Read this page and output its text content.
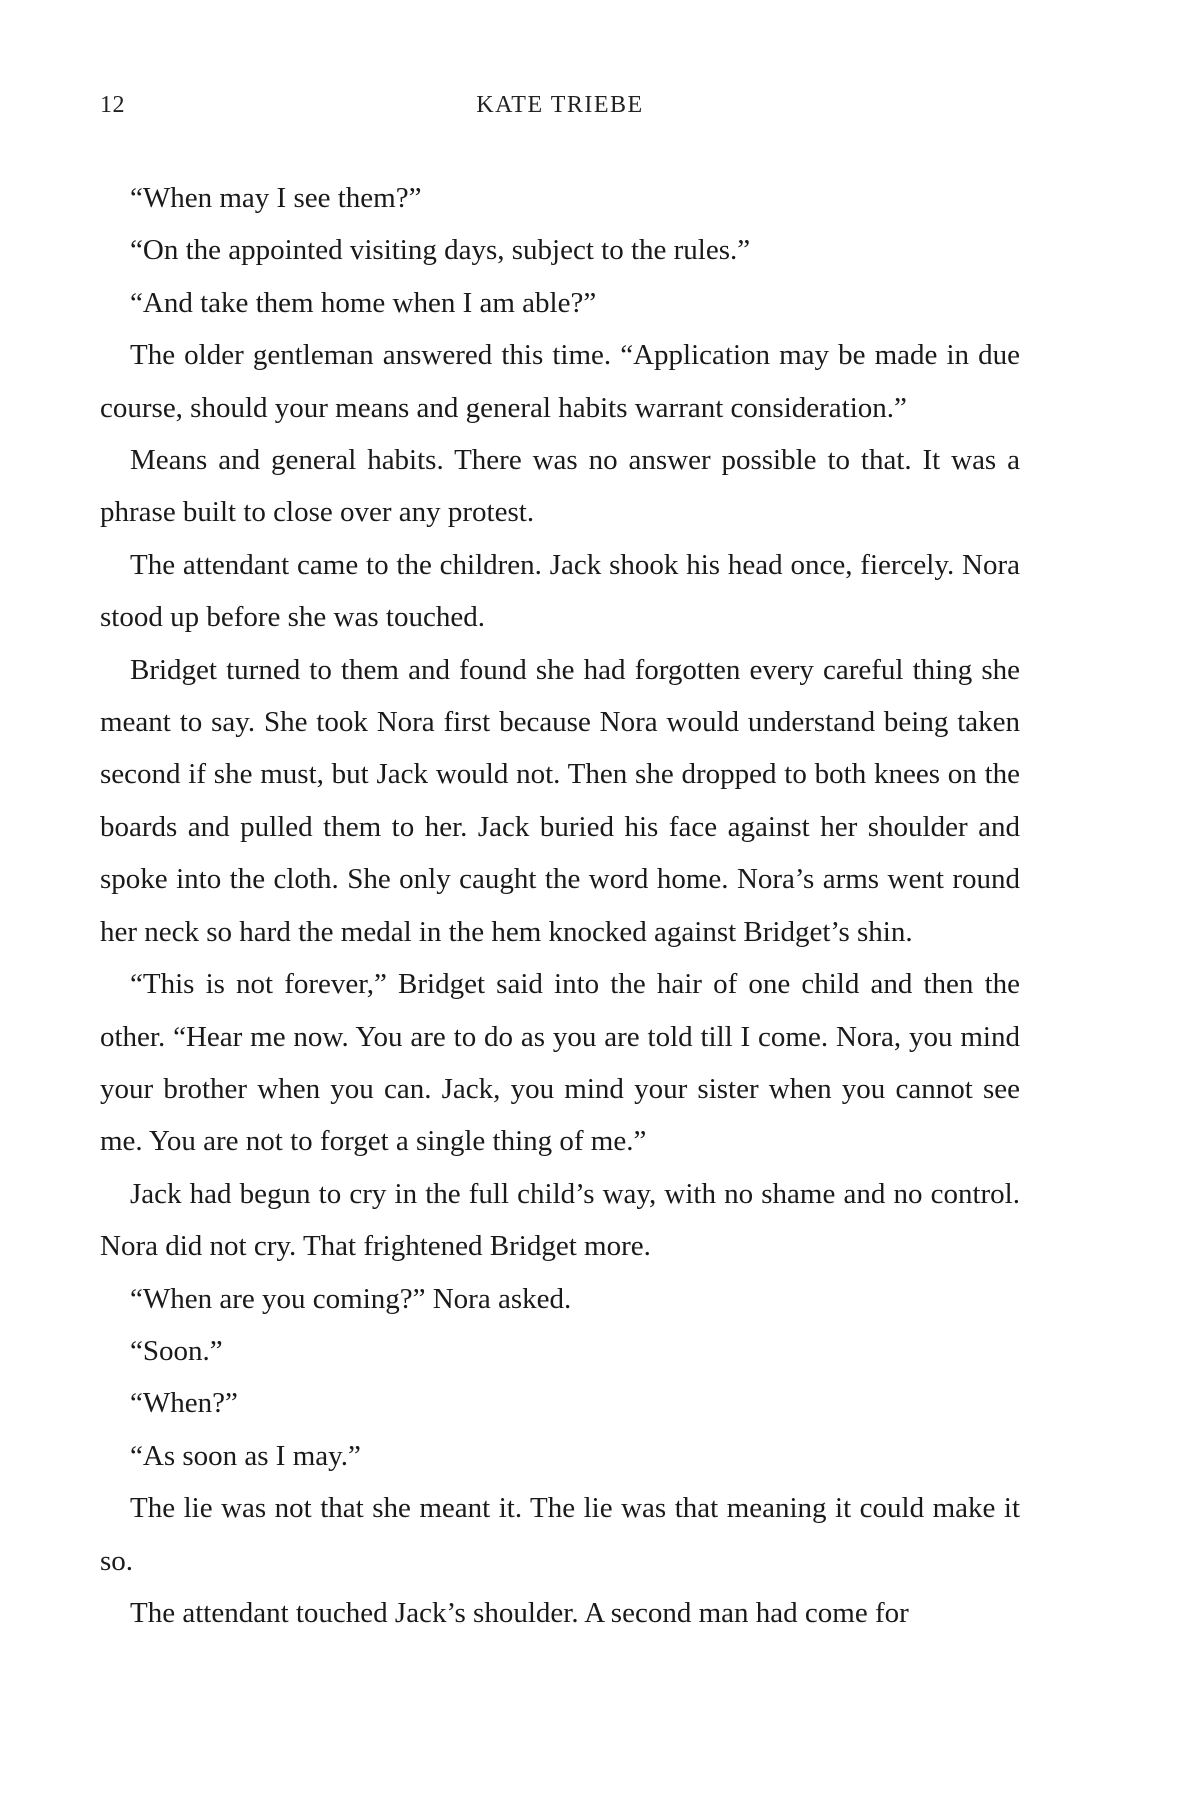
12	KATE TRIEBE

“When may I see them?”

“On the appointed visiting days, subject to the rules.”

“And take them home when I am able?”

The older gentleman answered this time. “Application may be made in due course, should your means and general habits warrant consideration.”

Means and general habits. There was no answer possible to that. It was a phrase built to close over any protest.

The attendant came to the children. Jack shook his head once, fiercely. Nora stood up before she was touched.

Bridget turned to them and found she had forgotten every careful thing she meant to say. She took Nora first because Nora would understand being taken second if she must, but Jack would not. Then she dropped to both knees on the boards and pulled them to her. Jack buried his face against her shoulder and spoke into the cloth. She only caught the word home. Nora’s arms went round her neck so hard the medal in the hem knocked against Bridget’s shin.

“This is not forever,” Bridget said into the hair of one child and then the other. “Hear me now. You are to do as you are told till I come. Nora, you mind your brother when you can. Jack, you mind your sister when you cannot see me. You are not to forget a single thing of me.”

Jack had begun to cry in the full child’s way, with no shame and no control. Nora did not cry. That frightened Bridget more.

“When are you coming?” Nora asked.

“Soon.”

“When?”

“As soon as I may.”

The lie was not that she meant it. The lie was that meaning it could make it so.

The attendant touched Jack’s shoulder. A second man had come for
